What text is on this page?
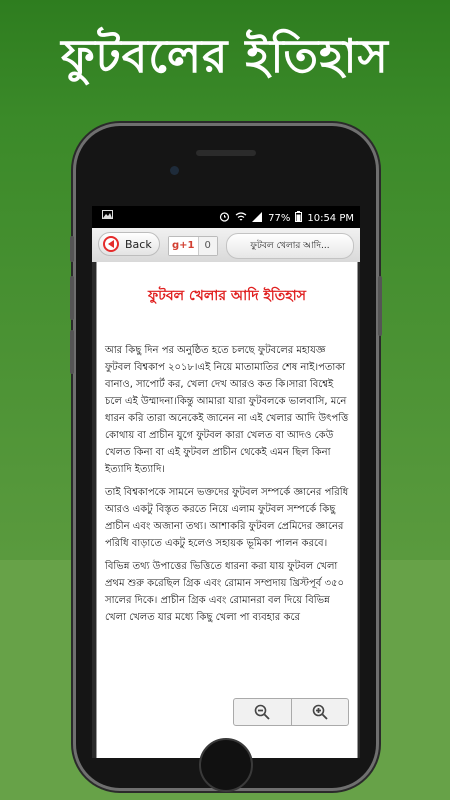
ফুটবলের ইতিহাস
77% 10:54 PM
Back	g+1	0	ফুটবল খেলার আদি...
ফুটবল খেলার আদি ইতিহাস

আর কিছু দিন পর অনুষ্ঠিত হতে চলছে ফুটবলের মহাযজ্ঞ ফুটবল বিশ্বকাপ ২০১৮।এই নিয়ে মাতামাতির শেষ নাই।পতাকা বানাও, সাপোর্ট কর, খেলা দেখ আরও কত কি।সারা বিশ্বেই চলে এই উম্মাদনা।কিন্তু আমারা যারা ফুটবলকে ভালবাসি, মনে ধারন করি তারা অনেকেই জানেন না এই খেলার আদি উৎপত্তি কোথায় বা প্রাচীন যুগে ফুটবল কারা খেলত বা আদও কেউ খেলত কিনা বা এই ফুটবল প্রাচীন থেকেই এমন ছিল কিনা ইত্যাদি ইত্যাদি।

তাই বিশ্বকাপকে সামনে ভক্তদের ফুটবল সম্পর্কে জ্ঞানের পরিধি আরও একটু বিস্তৃত করতে নিয়ে এলাম ফুটবল সম্পর্কে কিছু প্রাচীন এবং অজানা তথ্য। আশাকরি ফুটবল প্রেমিদের জ্ঞানের পরিধি বাড়াতে একটু হলেও সহায়ক ভূমিকা পালন করবে।

বিভিন্ন তথ্য উপাত্তের ভিত্তিতে ধারনা করা যায় ফুটবল খেলা প্রথম শুরু করেছিল গ্রিক এবং রোমান সম্প্রদায় খ্রিস্টপূর্ব ৩৫০ সালের দিকে। প্রাচীন গ্রিক এবং রোমানরা বল দিয়ে বিভিন্ন খেলা খেলত যার মধ্যে কিছু খেলা পা ব্যবহার করে
